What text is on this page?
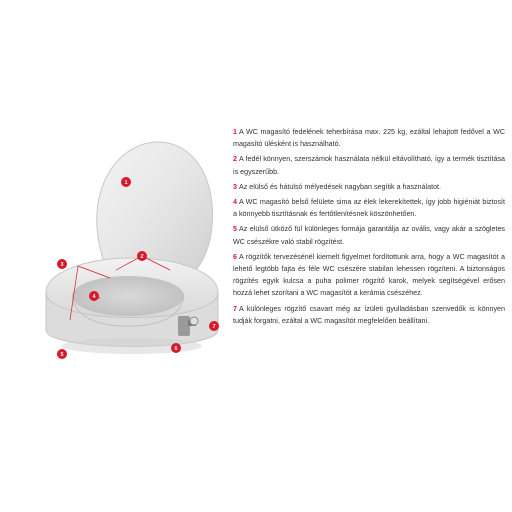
1
2
3
4
5
6
7

1 A WC magasító fedelének teherbírása max. 225 kg, ezáltal lehajtott fedővel a WC magasító ülésként is használható.

2 A fedél könnyen, szerszámok használata nélkül eltávolítható, így a termék tisztítása is egyszerűbb.

3 Az elülső és hátulsó mélyedések nagyban segítik a használatot.

4 A WC magasító belső felülete sima az élek lekerekítettek, így jobb higiéniát biztosít a könnyebb tisztításnak és fertőtlenítésnek köszönhetően.

5 Az elülső ütköző fül különleges formája garantálja az ovális, vagy akár a szögletes WC csészékre való stabil rögzítést.

6 A rögzítők tervezésénél kiemelt figyelmet fordítottunk arra, hogy a WC magasítót a lehető legtöbb fajta és féle WC csészére stabilan lehessen rögzíteni. A biztonságos rögzítés egyik kulcsa a puha polimer rögzítő karok, melyek segítségével erősen hozzá lehet szorítani a WC magasítót a kerámia csészéhez.

7 A különleges rögzítő csavart még az ízületi gyulladásban szenvedők is könnyen tudják forgatni, ezáltal a WC magasítót megfelelően beállítani.
